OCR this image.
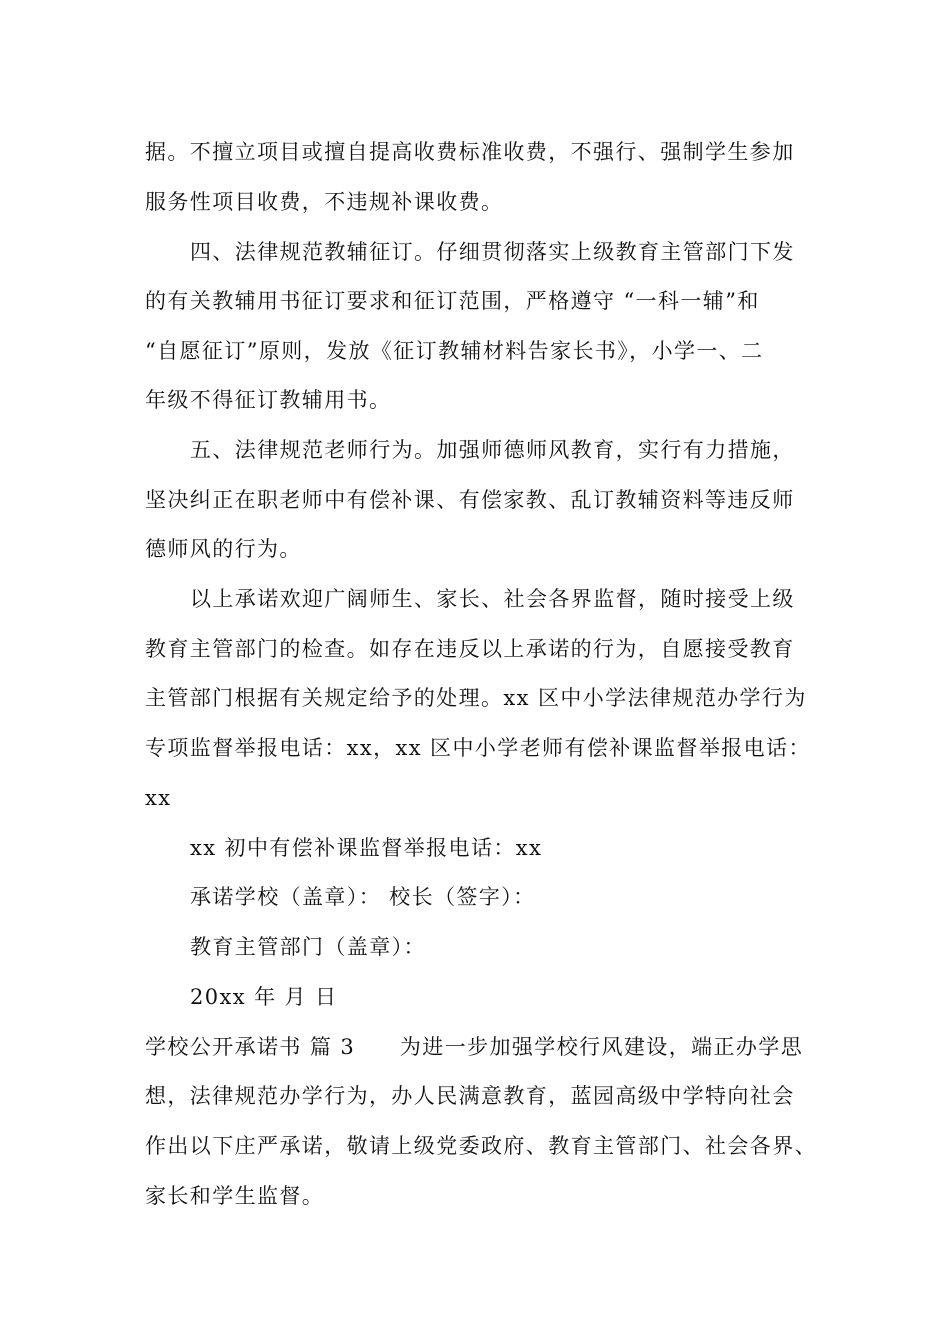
据。不擅立项目或擅自提高收费标准收费，不强行、强制学生参加
服务性项目收费，不违规补课收费。
四、法律规范教辅征订。仔细贯彻落实上级教育主管部门下发
的有关教辅用书征订要求和征订范围，严格遵守 “一科一辅”和
“自愿征订”原则，发放《征订教辅材料告家长书》，小学一、二
年级不得征订教辅用书。
五、法律规范老师行为。加强师德师风教育，实行有力措施，
坚决纠正在职老师中有偿补课、有偿家教、乱订教辅资料等违反师
德师风的行为。
以上承诺欢迎广阔师生、家长、社会各界监督，随时接受上级
教育主管部门的检查。如存在违反以上承诺的行为，自愿接受教育
主管部门根据有关规定给予的处理。xx 区中小学法律规范办学行为
专项监督举报电话：xx，xx 区中小学老师有偿补课监督举报电话：
xx
xx 初中有偿补课监督举报电话：xx
承诺学校（盖章）： 校长（签字）：
教育主管部门（盖章）：
20xx 年 月 日
学校公开承诺书 篇 3　　为进一步加强学校行风建设，端正办学思
想，法律规范办学行为，办人民满意教育，蓝园高级中学特向社会
作出以下庄严承诺，敬请上级党委政府、教育主管部门、社会各界、
家长和学生监督。
